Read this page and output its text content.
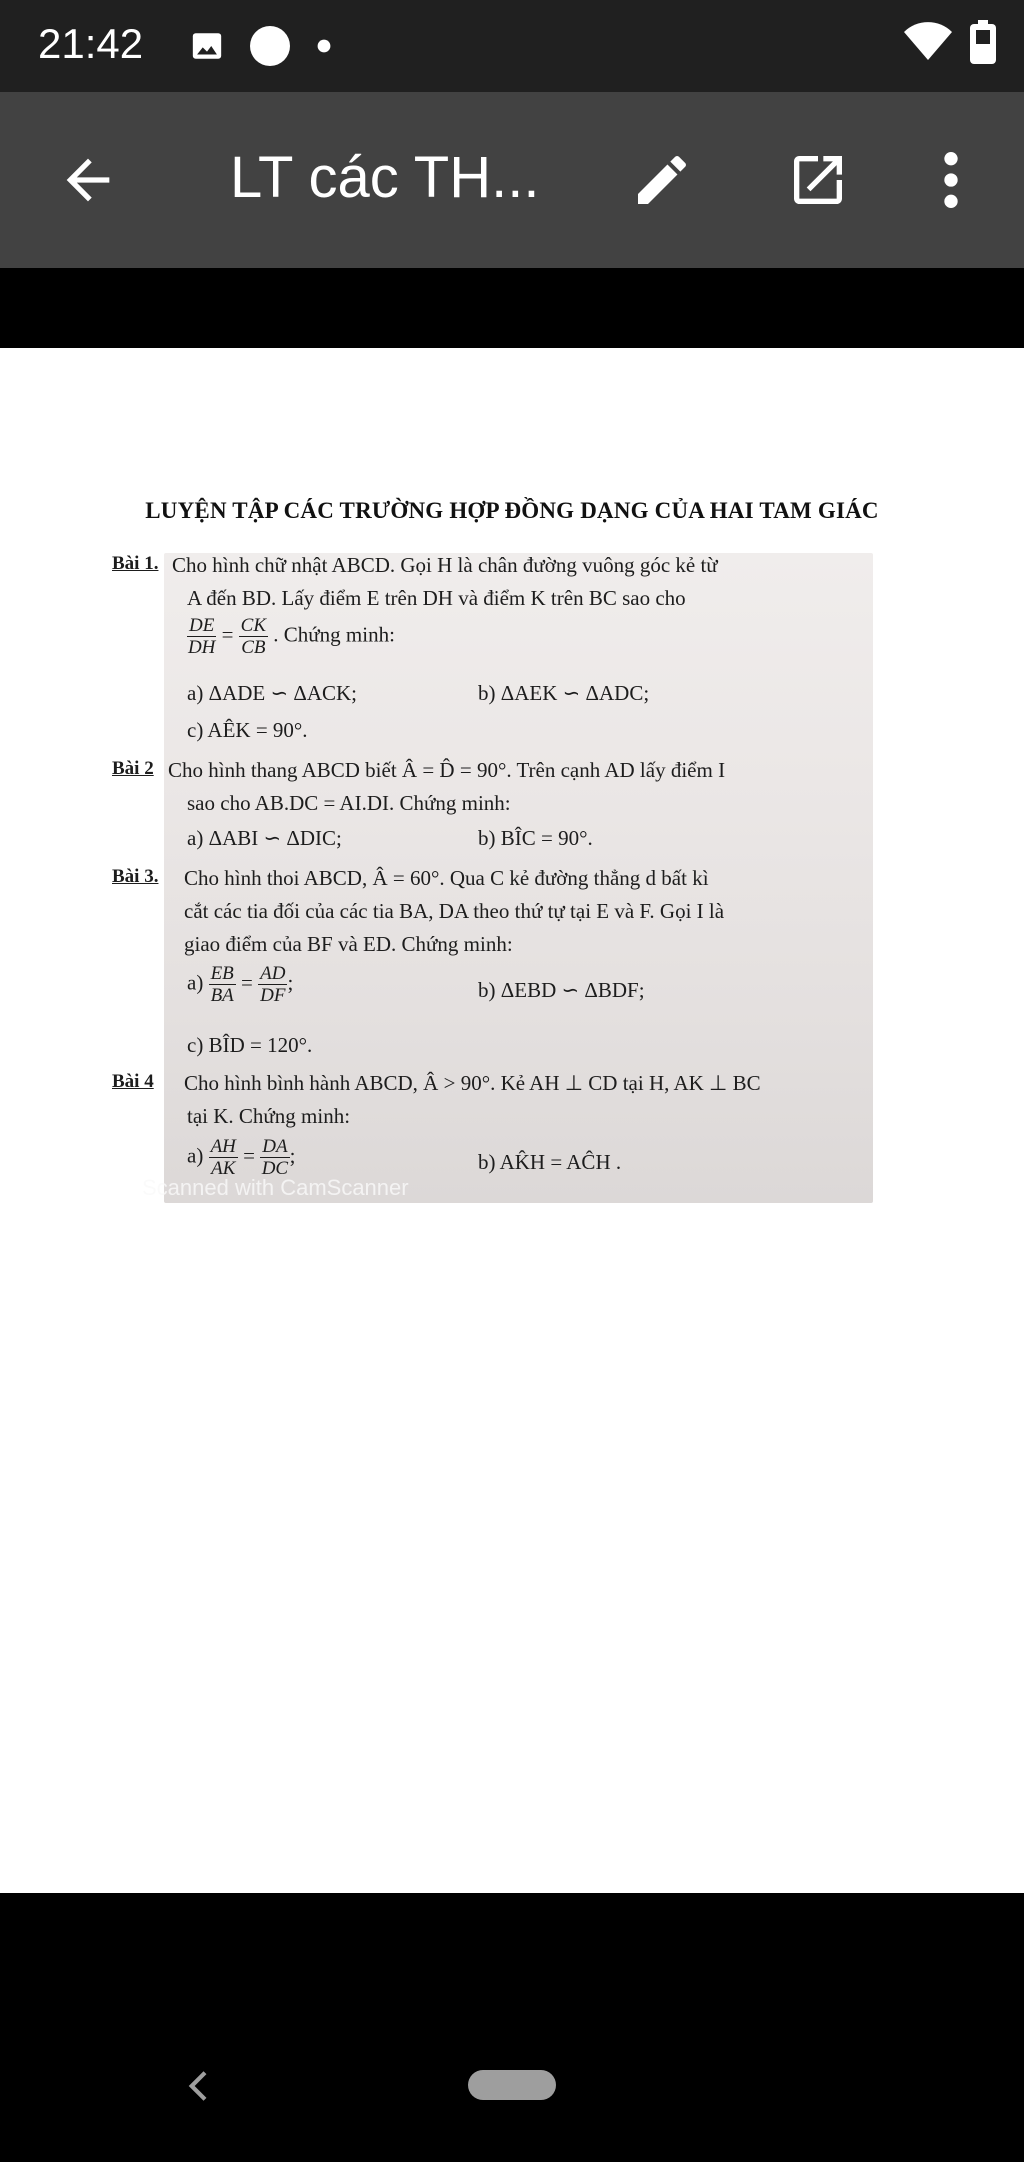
21:42
LT các TH...
LUYỆN TẬP CÁC TRƯỜNG HỢP ĐỒNG DẠNG CỦA HAI TAM GIÁC
Bài 1. Cho hình chữ nhật ABCD. Gọi H là chân đường vuông góc kẻ từ
A đến BD. Lấy điểm E trên DH và điểm K trên BC sao cho
$\frac{DE}{DH} = \frac{CK}{CB}$ . Chứng minh:
a) ΔADE ∽ ΔACK;	b) ΔAEK ∽ ΔADC;
c) AÊK = 90°.
Bài 2 Cho hình thang ABCD biết Â = D̂ = 90°. Trên cạnh AD lấy điểm I
sao cho AB.DC = AI.DI. Chứng minh:
a) ΔABI ∽ ΔDIC;	b) BÎC = 90°.
Bài 3. Cho hình thoi ABCD, Â = 60°. Qua C kẻ đường thẳng d bất kì
cắt các tia đối của các tia BA, DA theo thứ tự tại E và F. Gọi I là
giao điểm của BF và ED. Chứng minh:
$a) \frac{EB}{BA} = \frac{AD}{DF}$ ;	b) ΔEBD ∽ ΔBDF;
c) BÎD = 120°.
Bài 4 Cho hình bình hành ABCD, Â > 90°. Kẻ AH ⊥ CD tại H, AK ⊥ BC
tại K. Chứng minh:
$a) \frac{AH}{AK} = \frac{DA}{DC}$ ;	b) AK̂H = AĈH .
Scanned with CamScanner
